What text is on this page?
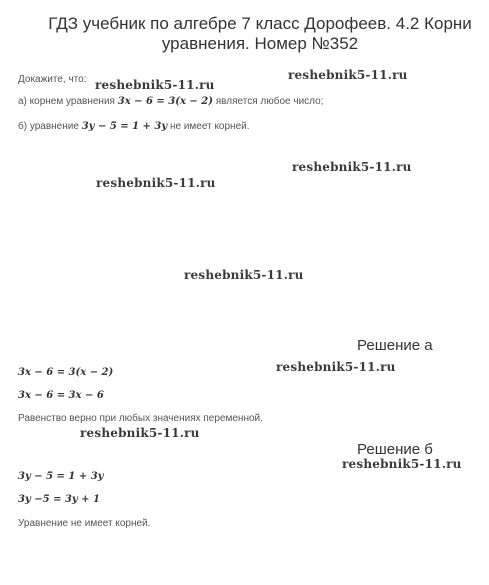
ГДЗ учебник по алгебре 7 класс Дорофеев. 4.2 Корни уравнения. Номер №352
Докажите, что:
а) корнем уравнения 3x − 6 = 3(x − 2) является любое число;
б) уравнение 3y − 5 = 1 + 3y не имеет корней.
Решение а
3x − 6 = 3(x − 2)
3x − 6 = 3x − 6
Равенство верно при любых значениях переменной.
Решение б
3y − 5 = 1 + 3y
3y −5 = 3y + 1
Уравнение не имеет корней.
reshebnik5-11.ru
reshebnik5-11.ru
reshebnik5-11.ru
reshebnik5-11.ru
reshebnik5-11.ru
reshebnik5-11.ru
reshebnik5-11.ru
reshebnik5-11.ru
